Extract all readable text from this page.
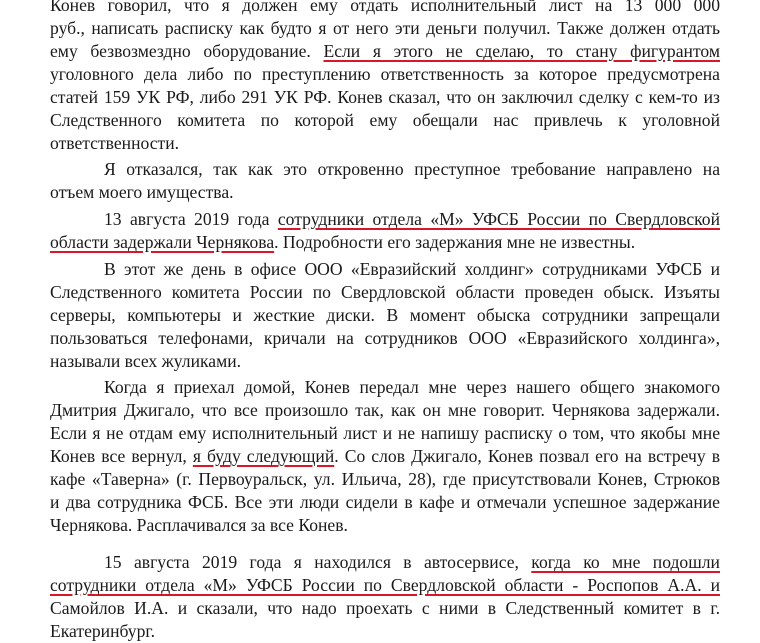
Конев говорил, что я должен ему отдать исполнительный лист на 13 000 000
руб., написать расписку как будто я от него эти деньги получил. Также должен отдать
ему безвозмездно оборудование. Если я этого не сделаю, то стану фигурантом
уголовного дела либо по преступлению ответственность за которое предусмотрена
статей 159 УК РФ, либо 291 УК РФ. Конев сказал, что он заключил сделку с кем-то из
Следственного комитета по которой ему обещали нас привлечь к уголовной
ответственности.
Я отказался, так как это откровенно преступное требование направлено на
отъем моего имущества.
13 августа 2019 года сотрудники отдела «М» УФСБ России по Свердловской
области задержали Чернякова. Подробности его задержания мне не известны.
В этот же день в офисе ООО «Евразийский холдинг» сотрудниками УФСБ и
Следственного комитета России по Свердловской области проведен обыск. Изъяты
серверы, компьютеры и жесткие диски. В момент обыска сотрудники запрещали
пользоваться телефонами, кричали на сотрудников ООО «Евразийского холдинга»,
называли всех жуликами.
Когда я приехал домой, Конев передал мне через нашего общего знакомого
Дмитрия Джигало, что все произошло так, как он мне говорит. Чернякова задержали.
Если я не отдам ему исполнительный лист и не напишу расписку о том, что якобы мне
Конев все вернул, я буду следующий. Со слов Джигало, Конев позвал его на встречу в
кафе «Таверна» (г. Первоуральск, ул. Ильича, 28), где присутствовали Конев, Стрюков
и два сотрудника ФСБ. Все эти люди сидели в кафе и отмечали успешное задержание
Чернякова. Расплачивался за все Конев.
15 августа 2019 года я находился в автосервисе, когда ко мне подошли
сотрудники отдела «М» УФСБ России по Свердловской области - Роспопов А.А. и
Самойлов И.А. и сказали, что надо проехать с ними в Следственный комитет в г.
Екатеринбург.
